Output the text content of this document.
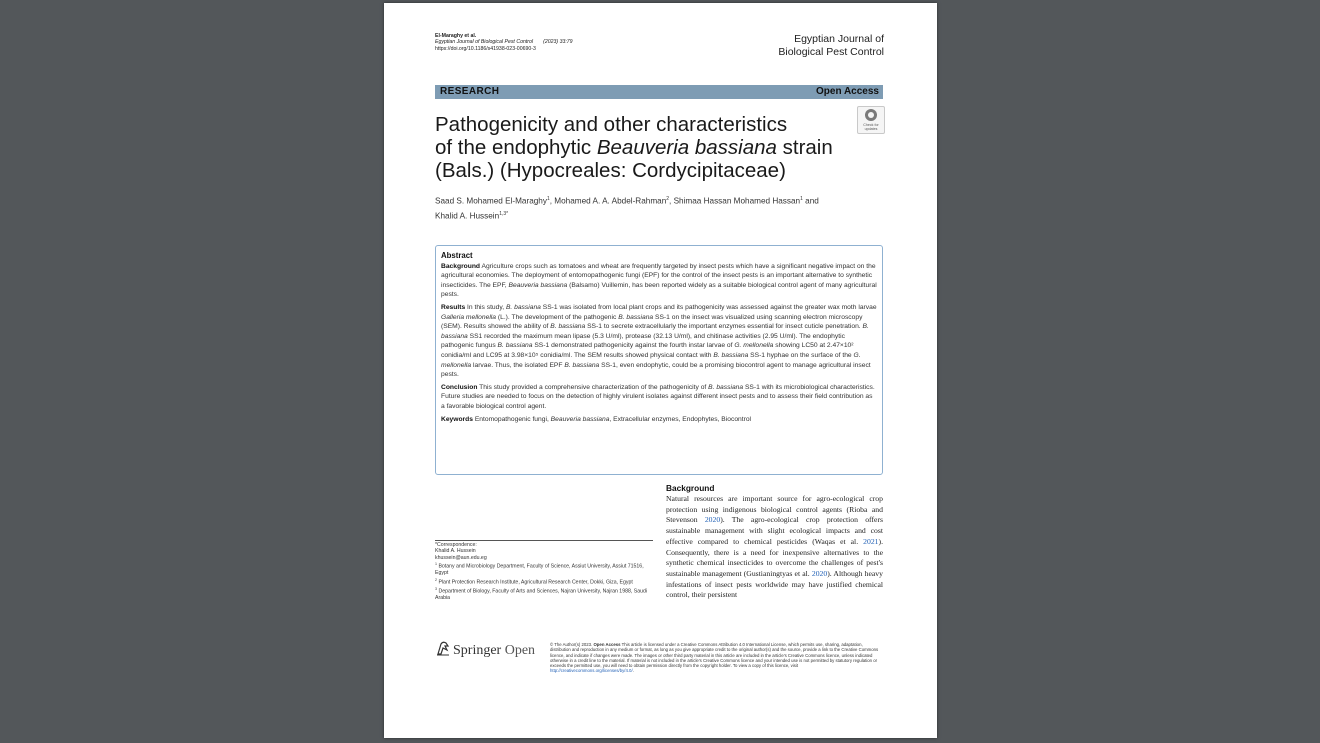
El-Maraghy et al.
Egyptian Journal of Biological Pest Control (2023) 33:79
https://doi.org/10.1186/s41938-023-00690-3
Egyptian Journal of
Biological Pest Control
RESEARCH	Open Access
Check for
updates
Pathogenicity and other characteristics
of the endophytic Beauveria bassiana strain
(Bals.) (Hypocreales: Cordycipitaceae)
Saad S. Mohamed El-Maraghy$^1$, Mohamed A. A. Abdel-Rahman$^2$, Shimaa Hassan Mohamed Hassan$^1$ and
Khalid A. Hussein$^{1,3*}$
Abstract

Background Agriculture crops such as tomatoes and wheat are frequently targeted by insect pests which have a significant negative impact on the agricultural economies. The deployment of entomopathogenic fungi (EPF) for the control of the insect pests is an important alternative to synthetic insecticides. The EPF, Beauveria bassiana (Balsamo) Vuillemin, has been reported widely as a suitable biological control agent of many agricultural pests.

Results In this study, B. bassiana SS-1 was isolated from local plant crops and its pathogenicity was assessed against the greater wax moth larvae Galleria mellonella (L.). The development of the pathogenic B. bassiana SS-1 on the insect was visualized using scanning electron microscopy (SEM). Results showed the ability of B. bassiana SS-1 to secrete extracellularly the important enzymes essential for insect cuticle penetration. B. bassiana SS1 recorded the maximum mean lipase (5.3 U/ml), protease (32.13 U/ml), and chitinase activities (2.95 U/ml). The endophytic pathogenic fungus B. bassiana SS-1 demonstrated pathogenicity against the fourth instar larvae of G. mellonella showing LC50 at 2.47×10² conidia/ml and LC95 at 3.98×10⁵ conidia/ml. The SEM results showed physical contact with B. bassiana SS-1 hyphae on the surface of the G. mellonella larvae. Thus, the isolated EPF B. bassiana SS-1, even endophytic, could be a promising biocontrol agent to manage agricultural insect pests.

Conclusion This study provided a comprehensive characterization of the pathogenicity of B. bassiana SS-1 with its microbiological characteristics. Future studies are needed to focus on the detection of highly virulent isolates against different insect pests and to assess their field contribution as a favorable biological control agent.

Keywords Entomopathogenic fungi, Beauveria bassiana, Extracellular enzymes, Endophytes, Biocontrol

Background
Natural resources are important source for agro-ecological crop protection using indigenous biological control agents (Rioba and Stevenson 2020). The agro-ecological crop protection offers sustainable management with slight ecological impacts and cost effective compared to chemical pesticides (Waqas et al. 2021). Consequently, there is a need for inexpensive alternatives to the synthetic chemical insecticides to overcome the challenges of pest's sustainable management (Gustianingtyas et al. 2020). Although heavy infestations of insect pests worldwide may have justified chemical control, their persistent
*Correspondence:
Khalid A. Hussein
khussein@aun.edu.eg
$^1$ Botany and Microbiology Department, Faculty of Science, Assiut University, Assiut 71516, Egypt
$^2$ Plant Protection Research Institute, Agricultural Research Center, Dokki, Giza, Egypt
$^3$ Department of Biology, Faculty of Arts and Sciences, Najran University, Najran 1988, Saudi Arabia
Springer Open	© The Author(s) 2023. Open Access This article is licensed under a Creative Commons Attribution 4.0 International License, which permits use, sharing, adaptation, distribution and reproduction in any medium or format, as long as you give appropriate credit to the original author(s) and the source, provide a link to the Creative Commons licence, and indicate if changes were made. The images or other third party material in this article are included in the article's Creative Commons licence, unless indicated otherwise in a credit line to the material. If material is not included in the article's Creative Commons licence and your intended use is not permitted by statutory regulation or exceeds the permitted use, you will need to obtain permission directly from the copyright holder. To view a copy of this licence, visit http://creativecommons.org/licenses/by/4.0/.
